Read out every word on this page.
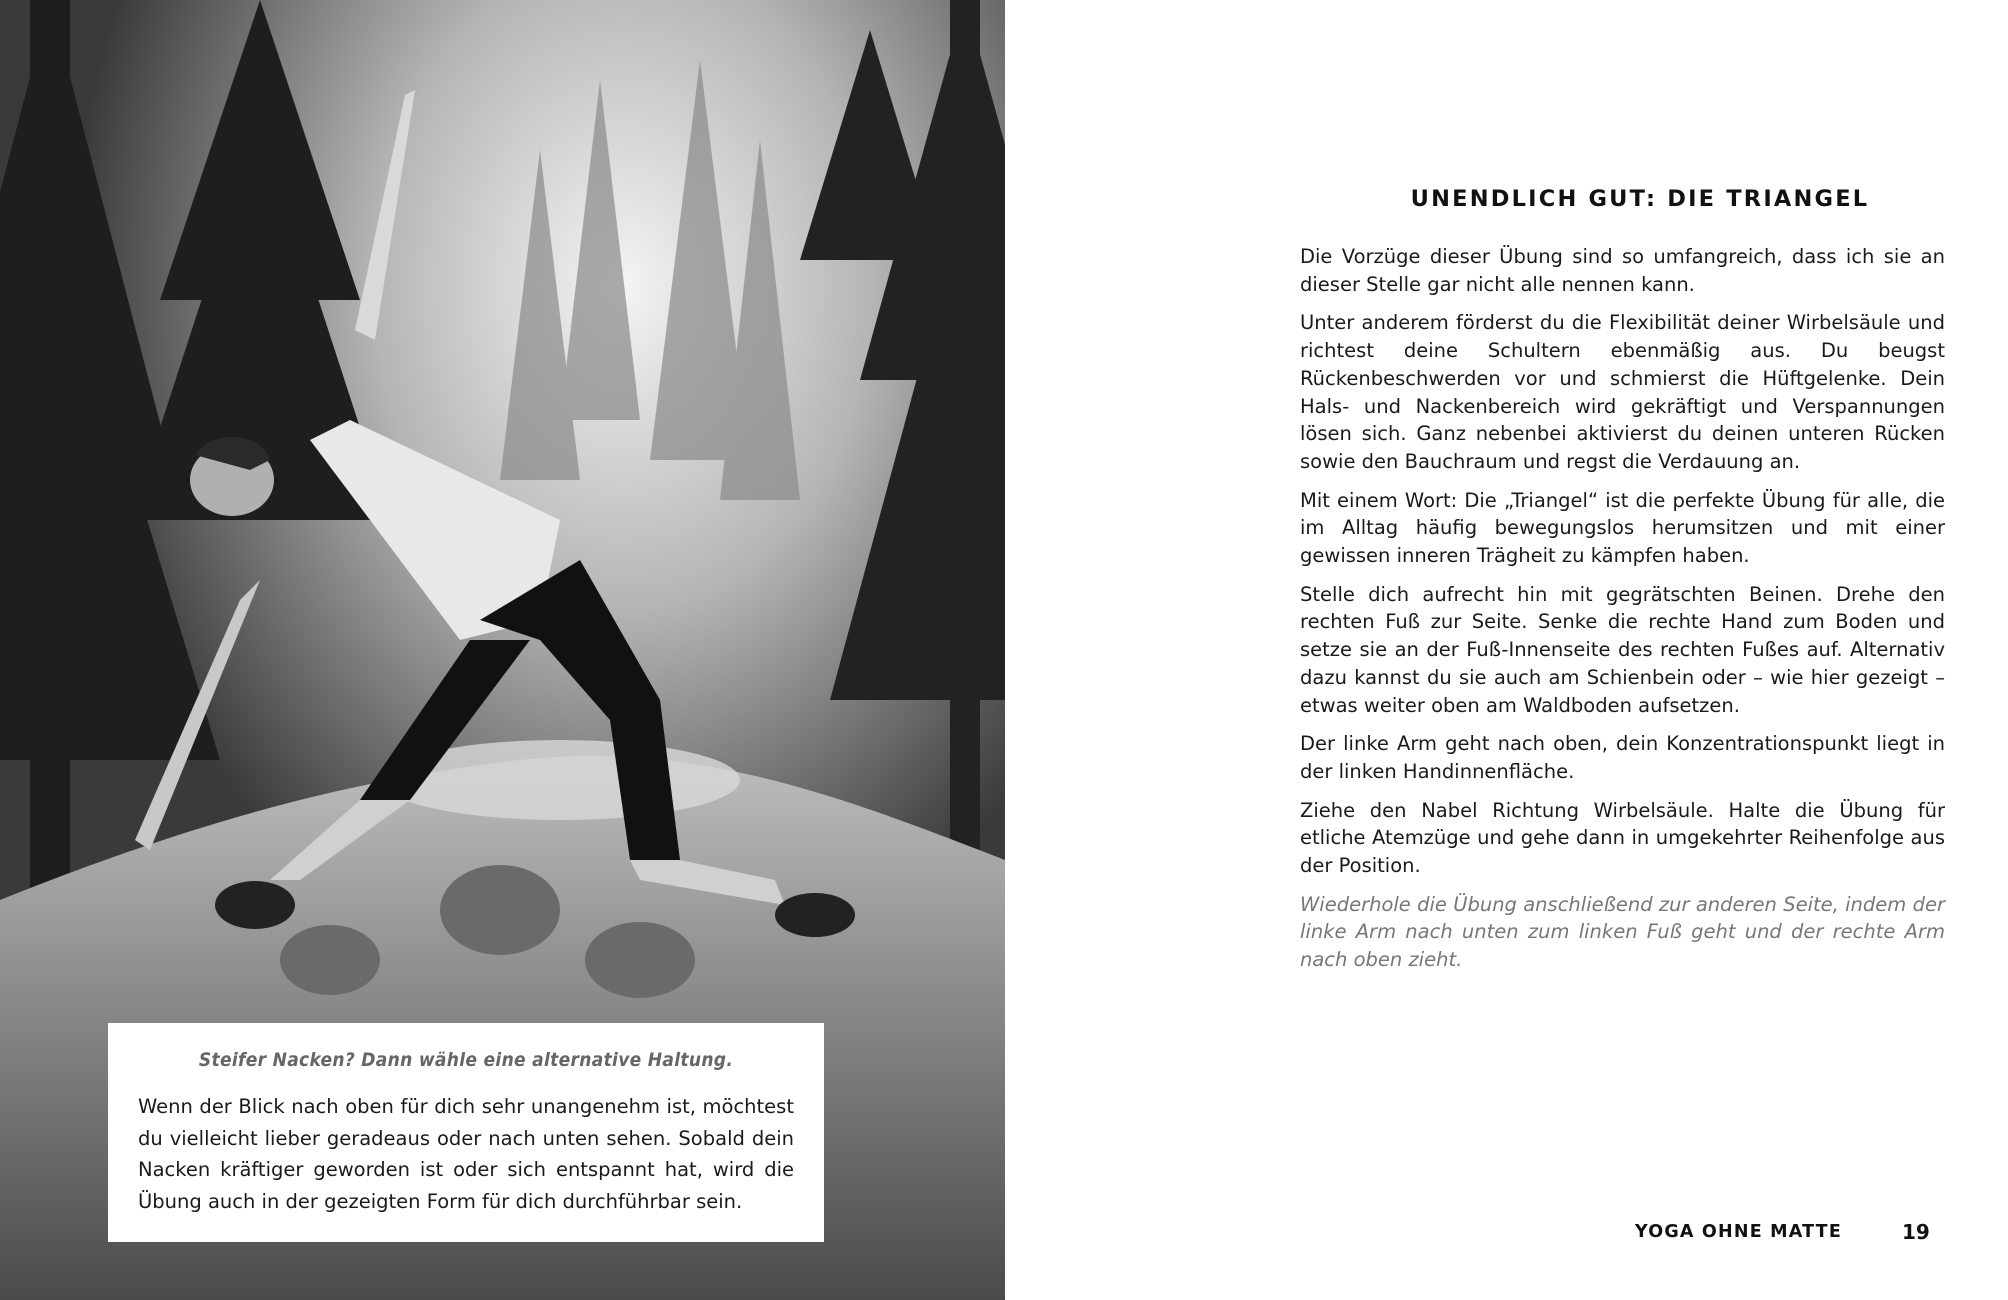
Steifer Nacken? Dann wähle eine alternative Haltung.

Wenn der Blick nach oben für dich sehr unangenehm ist, möchtest du vielleicht lieber geradeaus oder nach unten sehen. Sobald dein Nacken kräftiger geworden ist oder sich entspannt hat, wird die Übung auch in der gezeigten Form für dich durchführbar sein.

UNENDLICH GUT: DIE TRIANGEL

Die Vorzüge dieser Übung sind so umfangreich, dass ich sie an dieser Stelle gar nicht alle nennen kann.

Unter anderem förderst du die Flexibilität deiner Wirbelsäule und richtest deine Schultern ebenmäßig aus. Du beugst Rückenbeschwerden vor und schmierst die Hüftgelenke. Dein Hals- und Nackenbereich wird gekräftigt und Verspannungen lösen sich. Ganz nebenbei aktivierst du deinen unteren Rücken sowie den Bauchraum und regst die Verdauung an.

Mit einem Wort: Die „Triangel“ ist die perfekte Übung für alle, die im Alltag häufig bewegungslos herumsitzen und mit einer gewissen inneren Trägheit zu kämpfen haben.

Stelle dich aufrecht hin mit gegrätschten Beinen. Drehe den rechten Fuß zur Seite. Senke die rechte Hand zum Boden und setze sie an der Fuß-Innenseite des rechten Fußes auf. Alternativ dazu kannst du sie auch am Schienbein oder – wie hier gezeigt – etwas weiter oben am Waldboden aufsetzen.

Der linke Arm geht nach oben, dein Konzentrationspunkt liegt in der linken Handinnenfläche.

Ziehe den Nabel Richtung Wirbelsäule. Halte die Übung für etliche Atemzüge und gehe dann in umgekehrter Reihenfolge aus der Position.

Wiederhole die Übung anschließend zur anderen Seite, indem der linke Arm nach unten zum linken Fuß geht und der rechte Arm nach oben zieht.

YOGA OHNE MATTE	19
